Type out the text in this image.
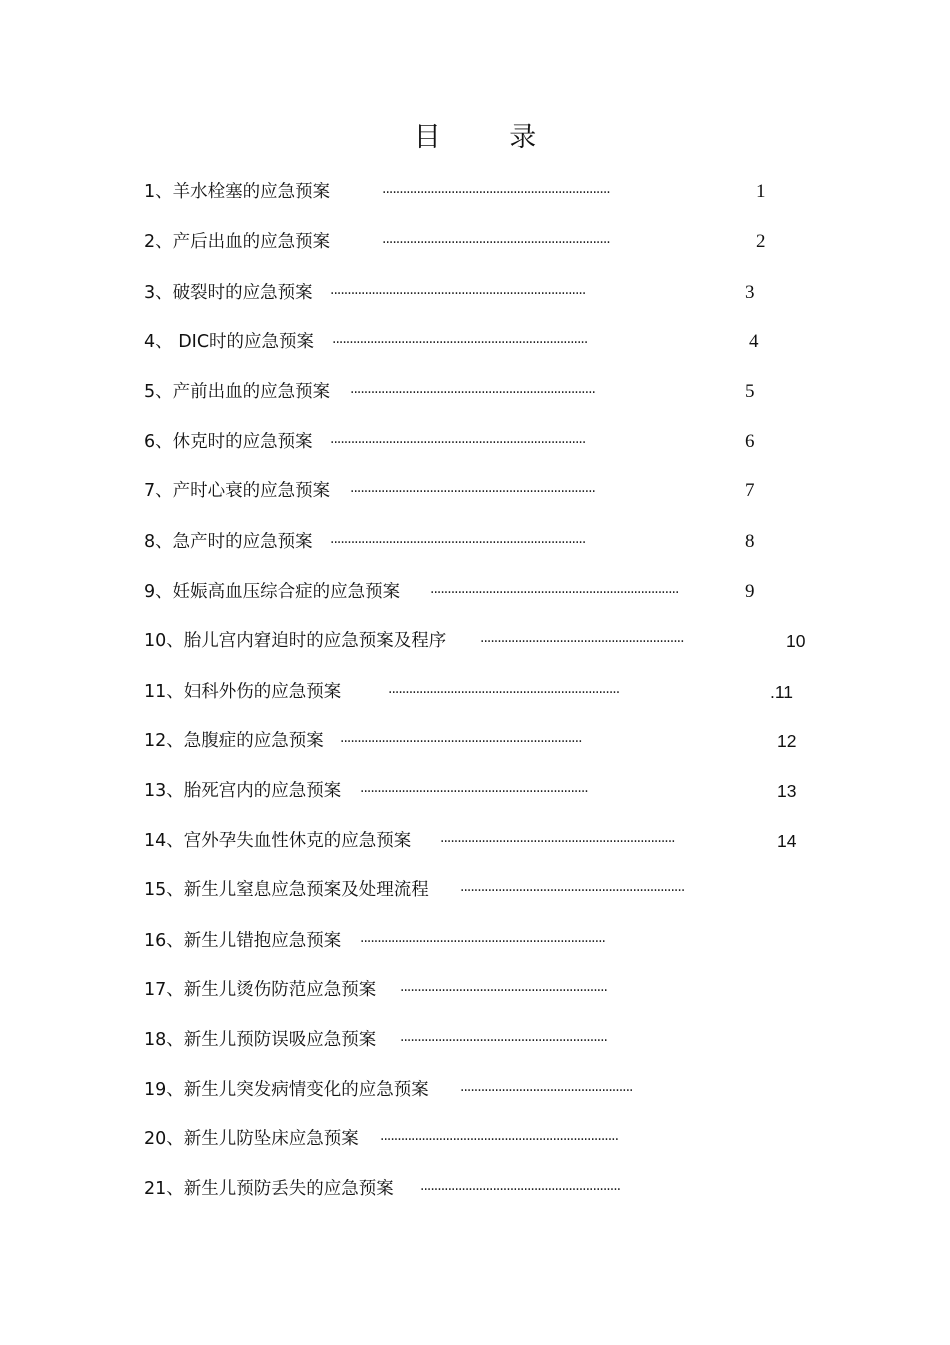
目 录
1、羊水栓塞的应急预案	··································································	1
2、产后出血的应急预案	··································································	2
3、破裂时的应急预案 ··········································································	3
4、 DIC时的应急预案 ··········································································	4
5、产前出血的应急预案 ·······································································	5
6、休克时的应急预案 ··········································································	6
7、产时心衰的应急预案 ·······································································	7
8、急产时的应急预案 ··········································································	8
9、妊娠高血压综合症的应急预案 ········································································	9
10、胎儿宫内窘迫时的应急预案及程序 ···························································	10
11、妇科外伤的应急预案	···································································	.11
12、急腹症的应急预案 ······································································	12
13、胎死宫内的应急预案 ··································································	13
14、宫外孕失血性休克的应急预案 ····································································	14
15、新生儿窒息应急预案及处理流程 ·································································
16、新生儿错抱应急预案 ·······································································
17、新生儿烫伤防范应急预案 ····························································
18、新生儿预防误吸应急预案 ····························································
19、新生儿突发病情变化的应急预案 ··················································
20、新生儿防坠床应急预案 ·····································································
21、新生儿预防丢失的应急预案 ··························································
